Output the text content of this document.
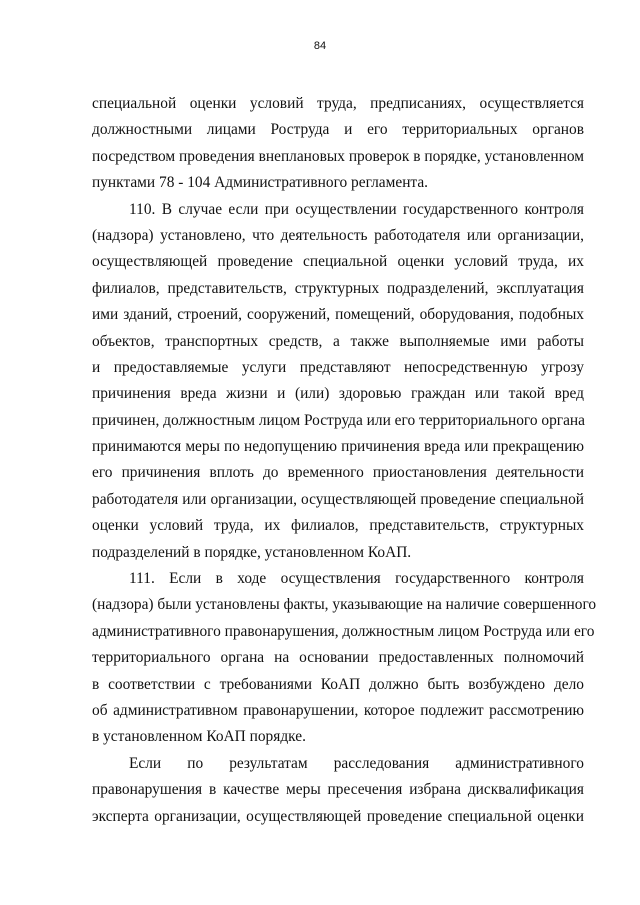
84
специальной оценки условий труда, предписаниях, осуществляется
должностными лицами Роструда и его территориальных органов
посредством проведения внеплановых проверок в порядке, установленном
пунктами 78 - 104 Административного регламента.
110. В случае если при осуществлении государственного контроля
(надзора) установлено, что деятельность работодателя или организации,
осуществляющей проведение специальной оценки условий труда, их
филиалов, представительств, структурных подразделений, эксплуатация
ими зданий, строений, сооружений, помещений, оборудования, подобных
объектов, транспортных средств, а также выполняемые ими работы
и предоставляемые услуги представляют непосредственную угрозу
причинения вреда жизни и (или) здоровью граждан или такой вред
причинен, должностным лицом Роструда или его территориального органа
принимаются меры по недопущению причинения вреда или прекращению
его причинения вплоть до временного приостановления деятельности
работодателя или организации, осуществляющей проведение специальной
оценки условий труда, их филиалов, представительств, структурных
подразделений в порядке, установленном КоАП.
111. Если в ходе осуществления государственного контроля
(надзора) были установлены факты, указывающие на наличие совершенного
административного правонарушения, должностным лицом Роструда или его
территориального органа на основании предоставленных полномочий
в соответствии с требованиями КоАП должно быть возбуждено дело
об административном правонарушении, которое подлежит рассмотрению
в установленном КоАП порядке.
Если по результатам расследования административного
правонарушения в качестве меры пресечения избрана дисквалификация
эксперта организации, осуществляющей проведение специальной оценки
